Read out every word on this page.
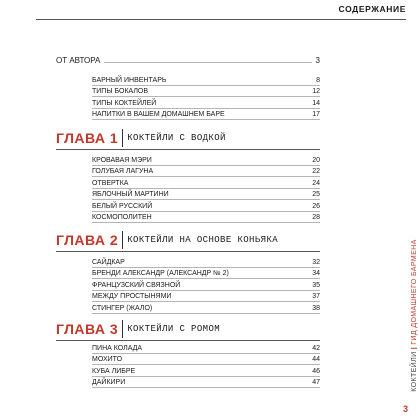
СОДЕРЖАНИЕ
ОТ АВТОРА	3
БАРНЫЙ ИНВЕНТАРЬ	8
ТИПЫ БОКАЛОВ	12
ТИПЫ КОКТЕЙЛЕЙ	14
НАПИТКИ В ВАШЕМ ДОМАШНЕМ БАРЕ	17
ГЛАВА 1 КОКТЕЙЛИ С ВОДКОЙ
КРОВАВАЯ МЭРИ	20
ГОЛУБАЯ ЛАГУНА	22
ОТВЕРТКА	24
ЯБЛОЧНЫЙ МАРТИНИ	25
БЕЛЫЙ РУССКИЙ	26
КОСМОПОЛИТЕН	28
ГЛАВА 2 КОКТЕЙЛИ НА ОСНОВЕ КОНЬЯКА
САЙДКАР	32
БРЕНДИ АЛЕКСАНДР (АЛЕКСАНДР № 2)	34
ФРАНЦУЗСКИЙ СВЯЗНОЙ	35
МЕЖДУ ПРОСТЫНЯМИ	37
СТИНГЕР (ЖАЛО)	38
ГЛАВА 3 КОКТЕЙЛИ С РОМОМ
ПИНА КОЛАДА	42
МОХИТО	44
КУБА ЛИБРЕ	46
ДАЙКИРИ	47	КОКТЕЙЛИ
ГИД ДОМАШНЕГО БАРМЕНА
3
